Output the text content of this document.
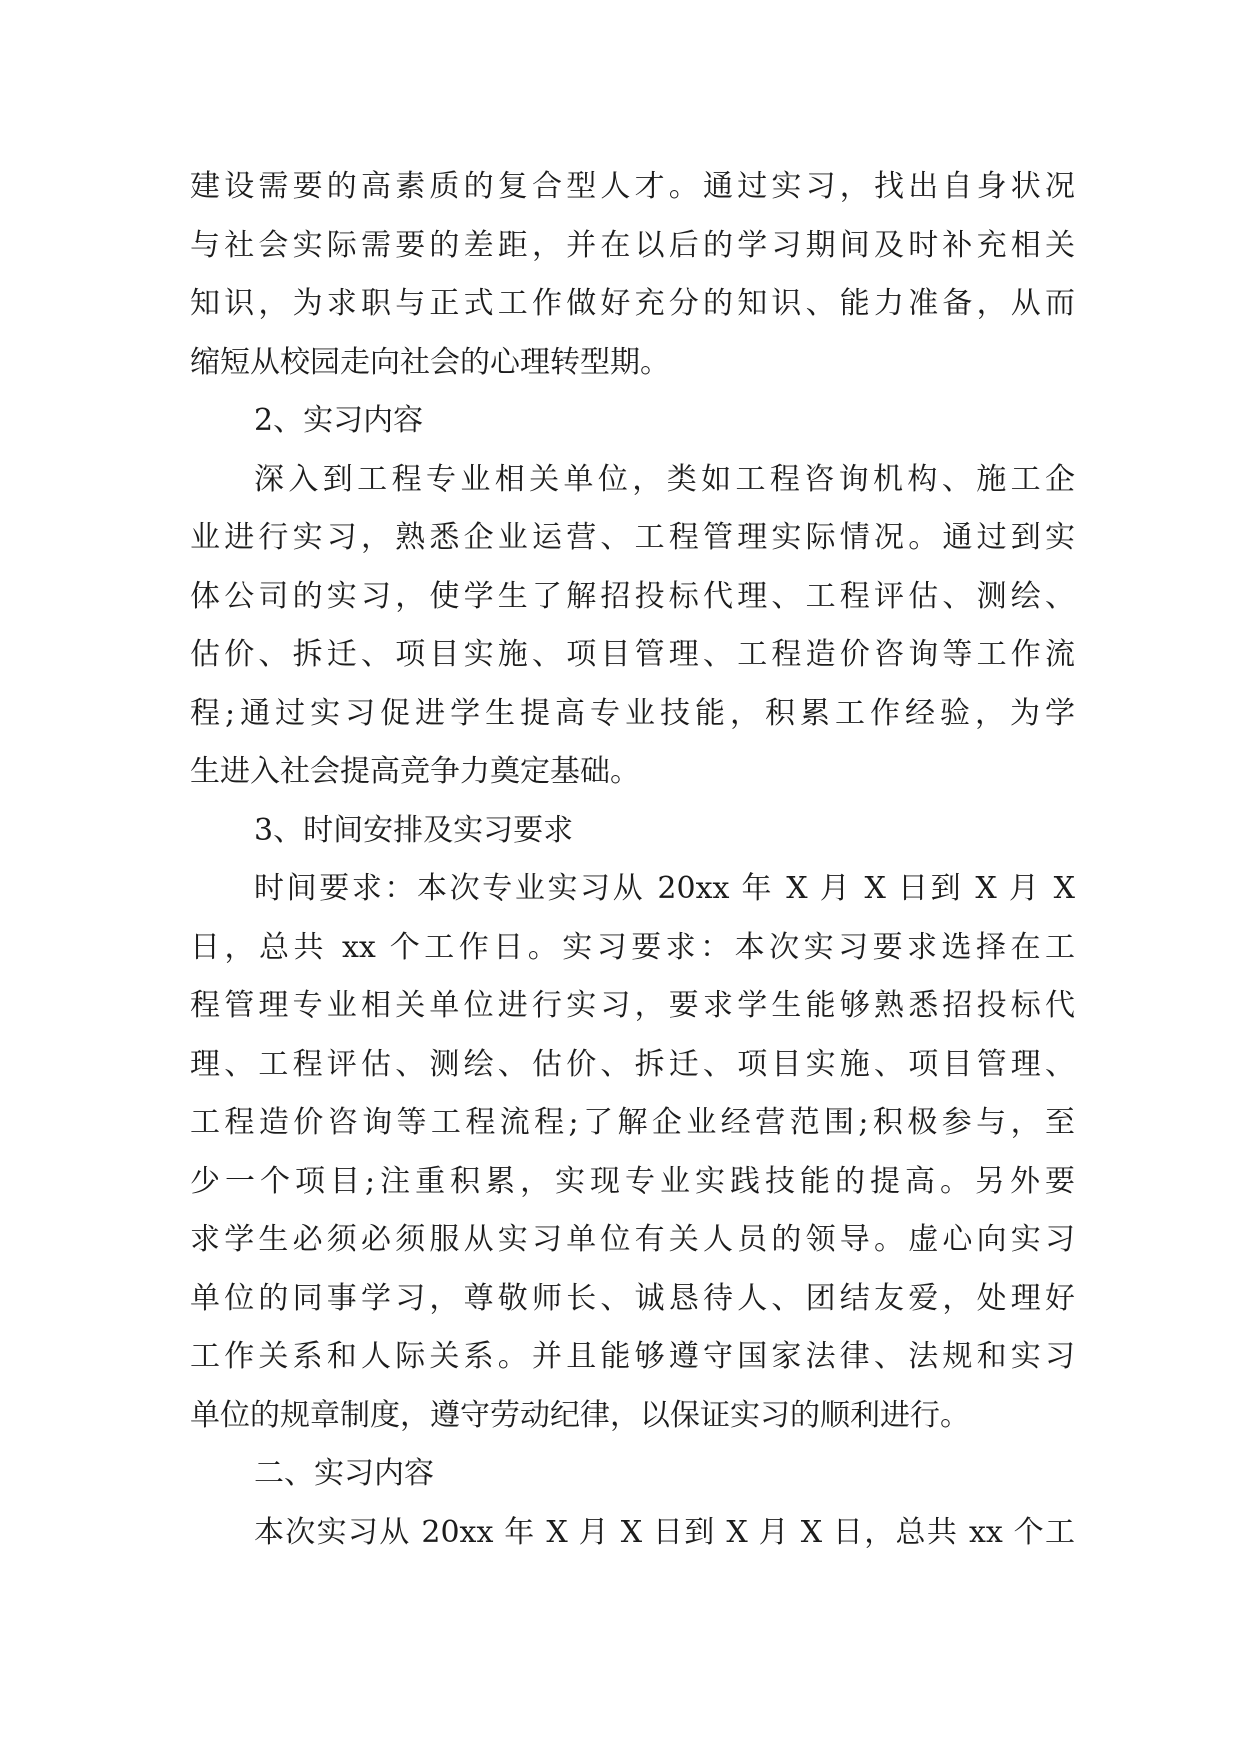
建设需要的高素质的复合型人才。通过实习，找出自身状况
与社会实际需要的差距，并在以后的学习期间及时补充相关
知识，为求职与正式工作做好充分的知识、能力准备，从而
缩短从校园走向社会的心理转型期。
2、实习内容
深入到工程专业相关单位，类如工程咨询机构、施工企
业进行实习，熟悉企业运营、工程管理实际情况。通过到实
体公司的实习，使学生了解招投标代理、工程评估、测绘、
估价、拆迁、项目实施、项目管理、工程造价咨询等工作流
程;通过实习促进学生提高专业技能，积累工作经验，为学
生进入社会提高竞争力奠定基础。
3、时间安排及实习要求
时间要求：本次专业实习从 20xx 年 X 月 X 日到 X 月 X
日，总共 xx 个工作日。实习要求：本次实习要求选择在工
程管理专业相关单位进行实习，要求学生能够熟悉招投标代
理、工程评估、测绘、估价、拆迁、项目实施、项目管理、
工程造价咨询等工程流程;了解企业经营范围;积极参与，至
少一个项目;注重积累，实现专业实践技能的提高。另外要
求学生必须必须服从实习单位有关人员的领导。虚心向实习
单位的同事学习，尊敬师长、诚恳待人、团结友爱，处理好
工作关系和人际关系。并且能够遵守国家法律、法规和实习
单位的规章制度，遵守劳动纪律，以保证实习的顺利进行。
二、实习内容
本次实习从 20xx 年 X 月 X 日到 X 月 X 日，总共 xx 个工
